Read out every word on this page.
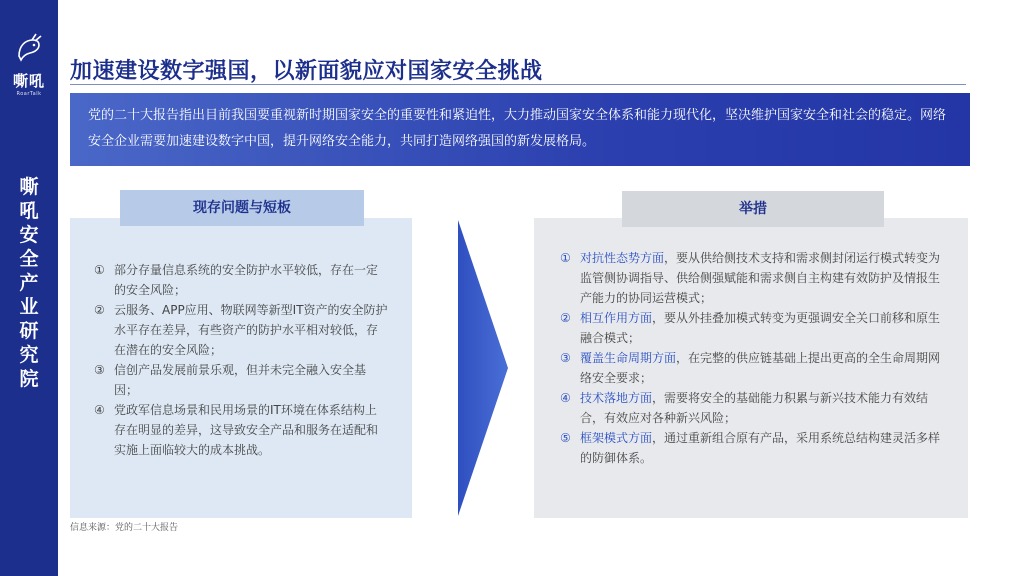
嘶吼
RoarTalk
嘶
吼
安
全
产
业
研
究
院
加速建设数字强国，以新面貌应对国家安全挑战
党的二十大报告指出目前我国要重视新时期国家安全的重要性和紧迫性，大力推动国家安全体系和能力现代化，坚决维护国家安全和社会的稳定。网络安全企业需要加速建设数字中国，提升网络安全能力，共同打造网络强国的新发展格局。
① 部分存量信息系统的安全防护水平较低，存在一定的安全风险；
② 云服务、APP应用、物联网等新型IT资产的安全防护水平存在差异，有些资产的防护水平相对较低，存在潜在的安全风险；
③ 信创产品发展前景乐观，但并未完全融入安全基因；
④ 党政军信息场景和民用场景的IT环境在体系结构上存在明显的差异，这导致安全产品和服务在适配和实施上面临较大的成本挑战。
现存问题与短板
① 对抗性态势方面，要从供给侧技术支持和需求侧封闭运行模式转变为监管侧协调指导、供给侧强赋能和需求侧自主构建有效防护及情报生产能力的协同运营模式；
② 相互作用方面，要从外挂叠加模式转变为更强调安全关口前移和原生融合模式；
③ 覆盖生命周期方面，在完整的供应链基础上提出更高的全生命周期网络安全要求；
④ 技术落地方面，需要将安全的基础能力积累与新兴技术能力有效结合，有效应对各种新兴风险；
⑤ 框架模式方面，通过重新组合原有产品，采用系统总结构建灵活多样的防御体系。
举措
信息来源：党的二十大报告
